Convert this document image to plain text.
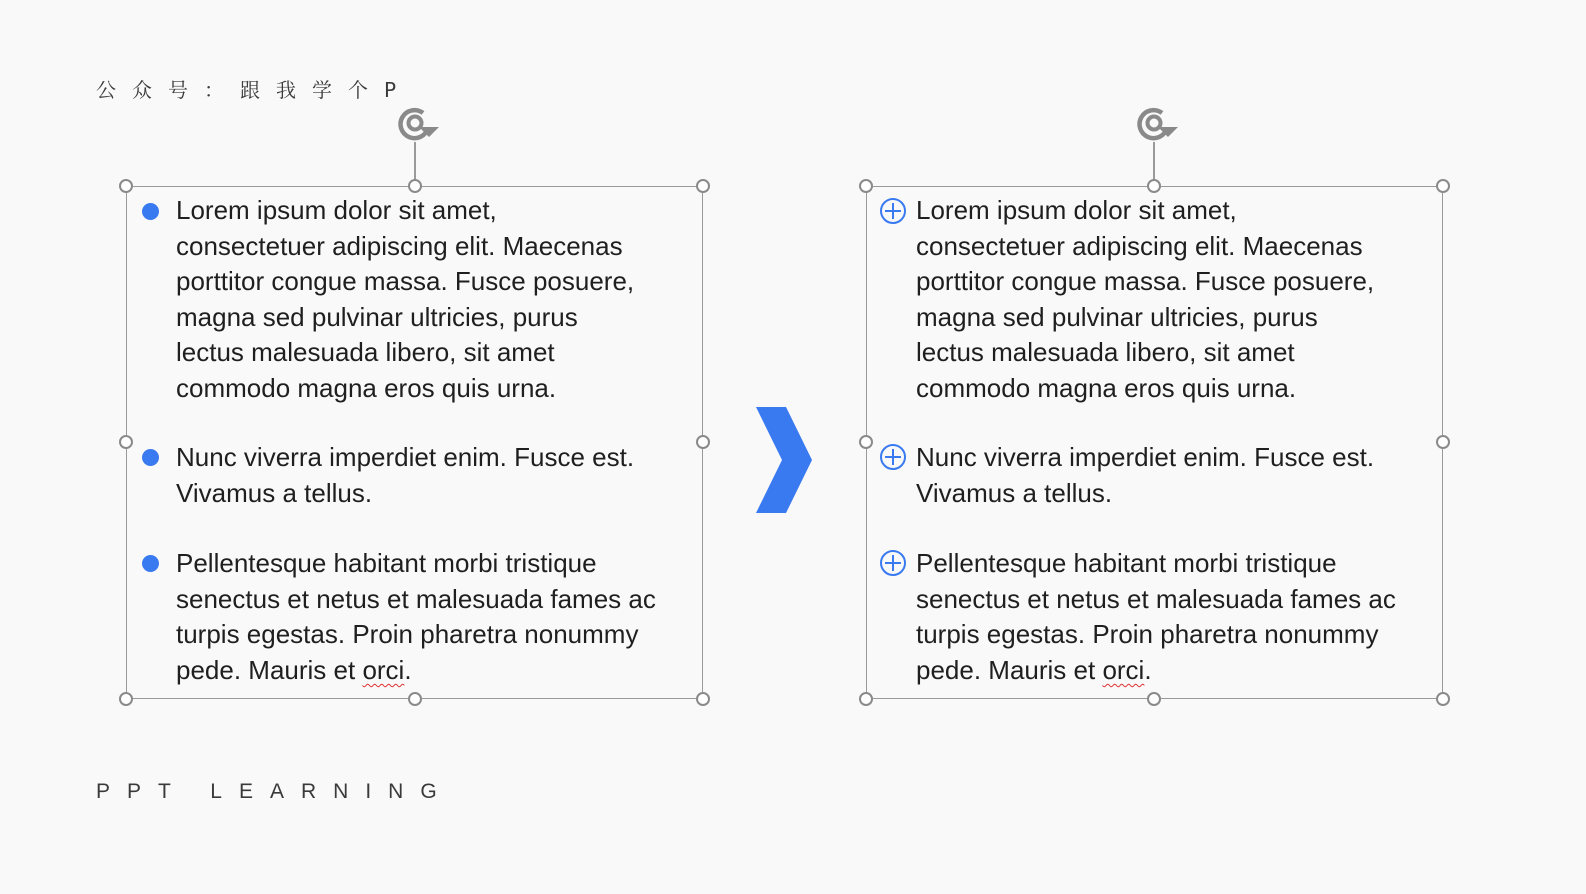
公众号：跟我学个P
Lorem ipsum dolor sit amet,
consectetuer adipiscing elit. Maecenas
porttitor congue massa. Fusce posuere,
magna sed pulvinar ultricies, purus
lectus malesuada libero, sit amet
commodo magna eros quis urna.
Nunc viverra imperdiet enim. Fusce est.
Vivamus a tellus.
Pellentesque habitant morbi tristique
senectus et netus et malesuada fames ac
turpis egestas. Proin pharetra nonummy
pede. Mauris et orci.
Lorem ipsum dolor sit amet,
consectetuer adipiscing elit. Maecenas
porttitor congue massa. Fusce posuere,
magna sed pulvinar ultricies, purus
lectus malesuada libero, sit amet
commodo magna eros quis urna.
Nunc viverra imperdiet enim. Fusce est.
Vivamus a tellus.
Pellentesque habitant morbi tristique
senectus et netus et malesuada fames ac
turpis egestas. Proin pharetra nonummy
pede. Mauris et orci.
PPT LEARNING
